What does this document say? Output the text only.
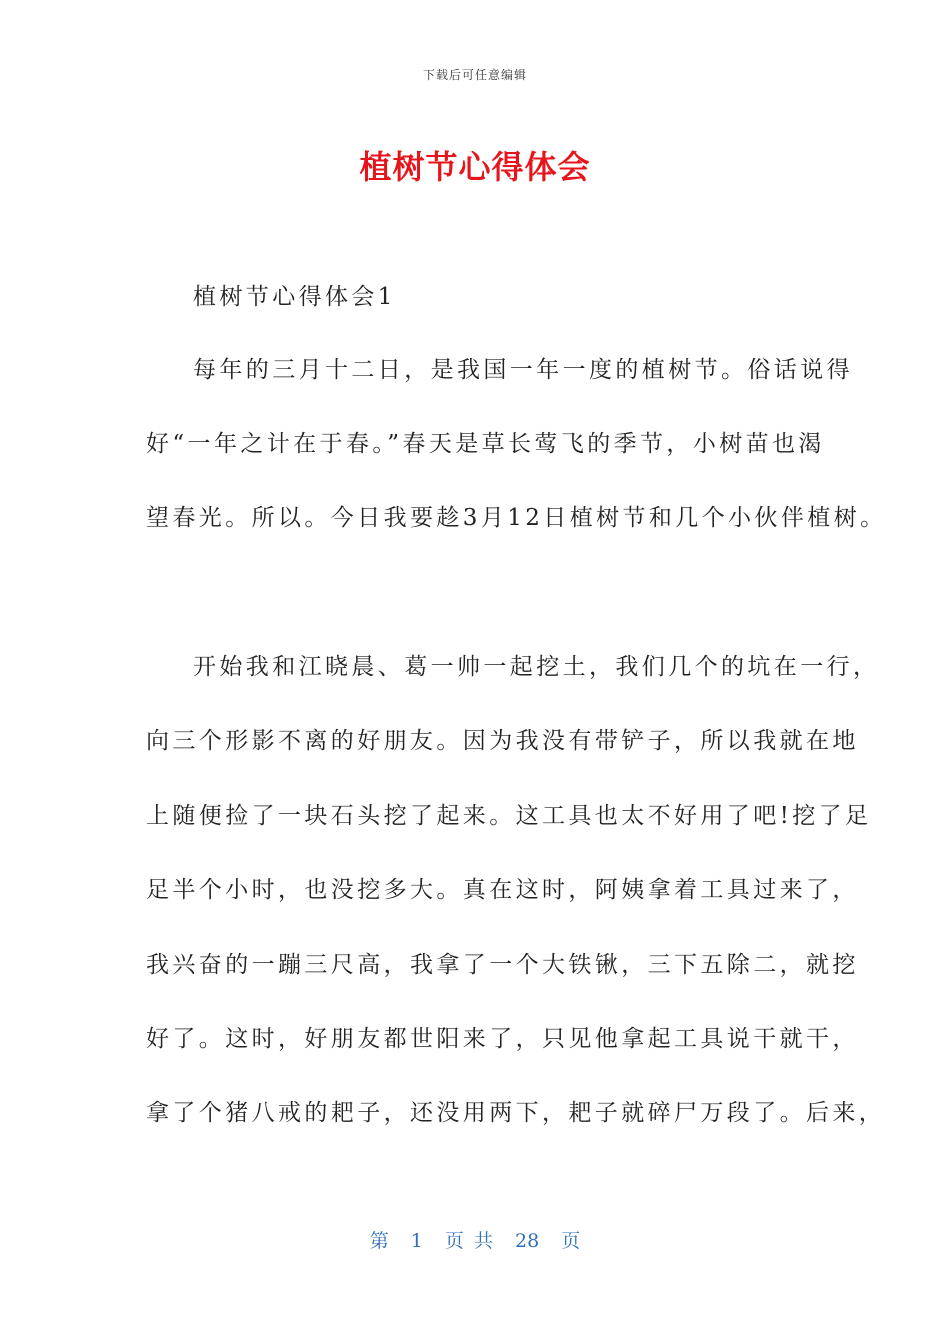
下载后可任意编辑
植树节心得体会
植树节心得体会1
每年的三月十二日，是我国一年一度的植树节。俗话说得
好“一年之计在于春。”春天是草长莺飞的季节，小树苗也渴
望春光。所以。今日我要趁3月12日植树节和几个小伙伴植树。
开始我和江晓晨、葛一帅一起挖土，我们几个的坑在一行，
向三个形影不离的好朋友。因为我没有带铲子，所以我就在地
上随便捡了一块石头挖了起来。这工具也太不好用了吧!挖了足
足半个小时，也没挖多大。真在这时，阿姨拿着工具过来了，
我兴奋的一蹦三尺高，我拿了一个大铁锹，三下五除二，就挖
好了。这时，好朋友都世阳来了，只见他拿起工具说干就干，
拿了个猪八戒的耙子，还没用两下，耙子就碎尸万段了。后来，
第 1 页 共 28 页
